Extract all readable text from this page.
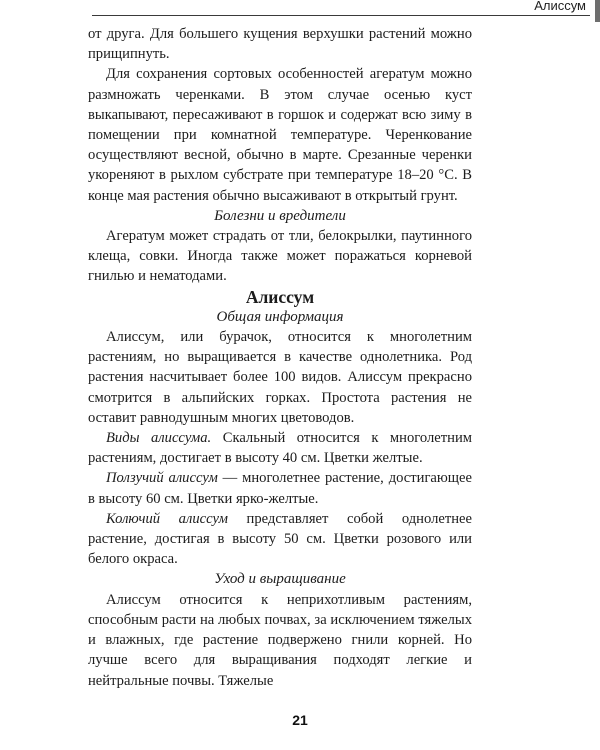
Алиссум

от друга. Для большего кущения верхушки растений можно прищипнуть.

Для сохранения сортовых особенностей агератум можно размножать черенками. В этом случае осенью куст выкапывают, пересаживают в горшок и содержат всю зиму в помещении при комнатной температуре. Черенкование осуществляют весной, обычно в марте. Срезанные черенки укореняют в рыхлом субстрате при температуре 18–20 °С. В конце мая растения обычно высаживают в открытый грунт.

Болезни и вредители

Агератум может страдать от тли, белокрылки, паутинного клеща, совки. Иногда также может поражаться корневой гнилью и нематодами.

Алиссум

Общая информация

Алиссум, или бурачок, относится к многолетним растениям, но выращивается в качестве однолетника. Род растения насчитывает более 100 видов. Алиссум прекрасно смотрится в альпийских горках. Простота растения не оставит равнодушным многих цветоводов.

Виды алиссума. Скальный относится к многолетним растениям, достигает в высоту 40 см. Цветки желтые.

Ползучий алиссум — многолетнее растение, достигающее в высоту 60 см. Цветки ярко-желтые.

Колючий алиссум представляет собой однолетнее растение, достигая в высоту 50 см. Цветки розового или белого окраса.

Уход и выращивание

Алиссум относится к неприхотливым растениям, способным расти на любых почвах, за исключением тяжелых и влажных, где растение подвержено гнили корней. Но лучше всего для выращивания подходят легкие и нейтральные почвы. Тяжелые

21
